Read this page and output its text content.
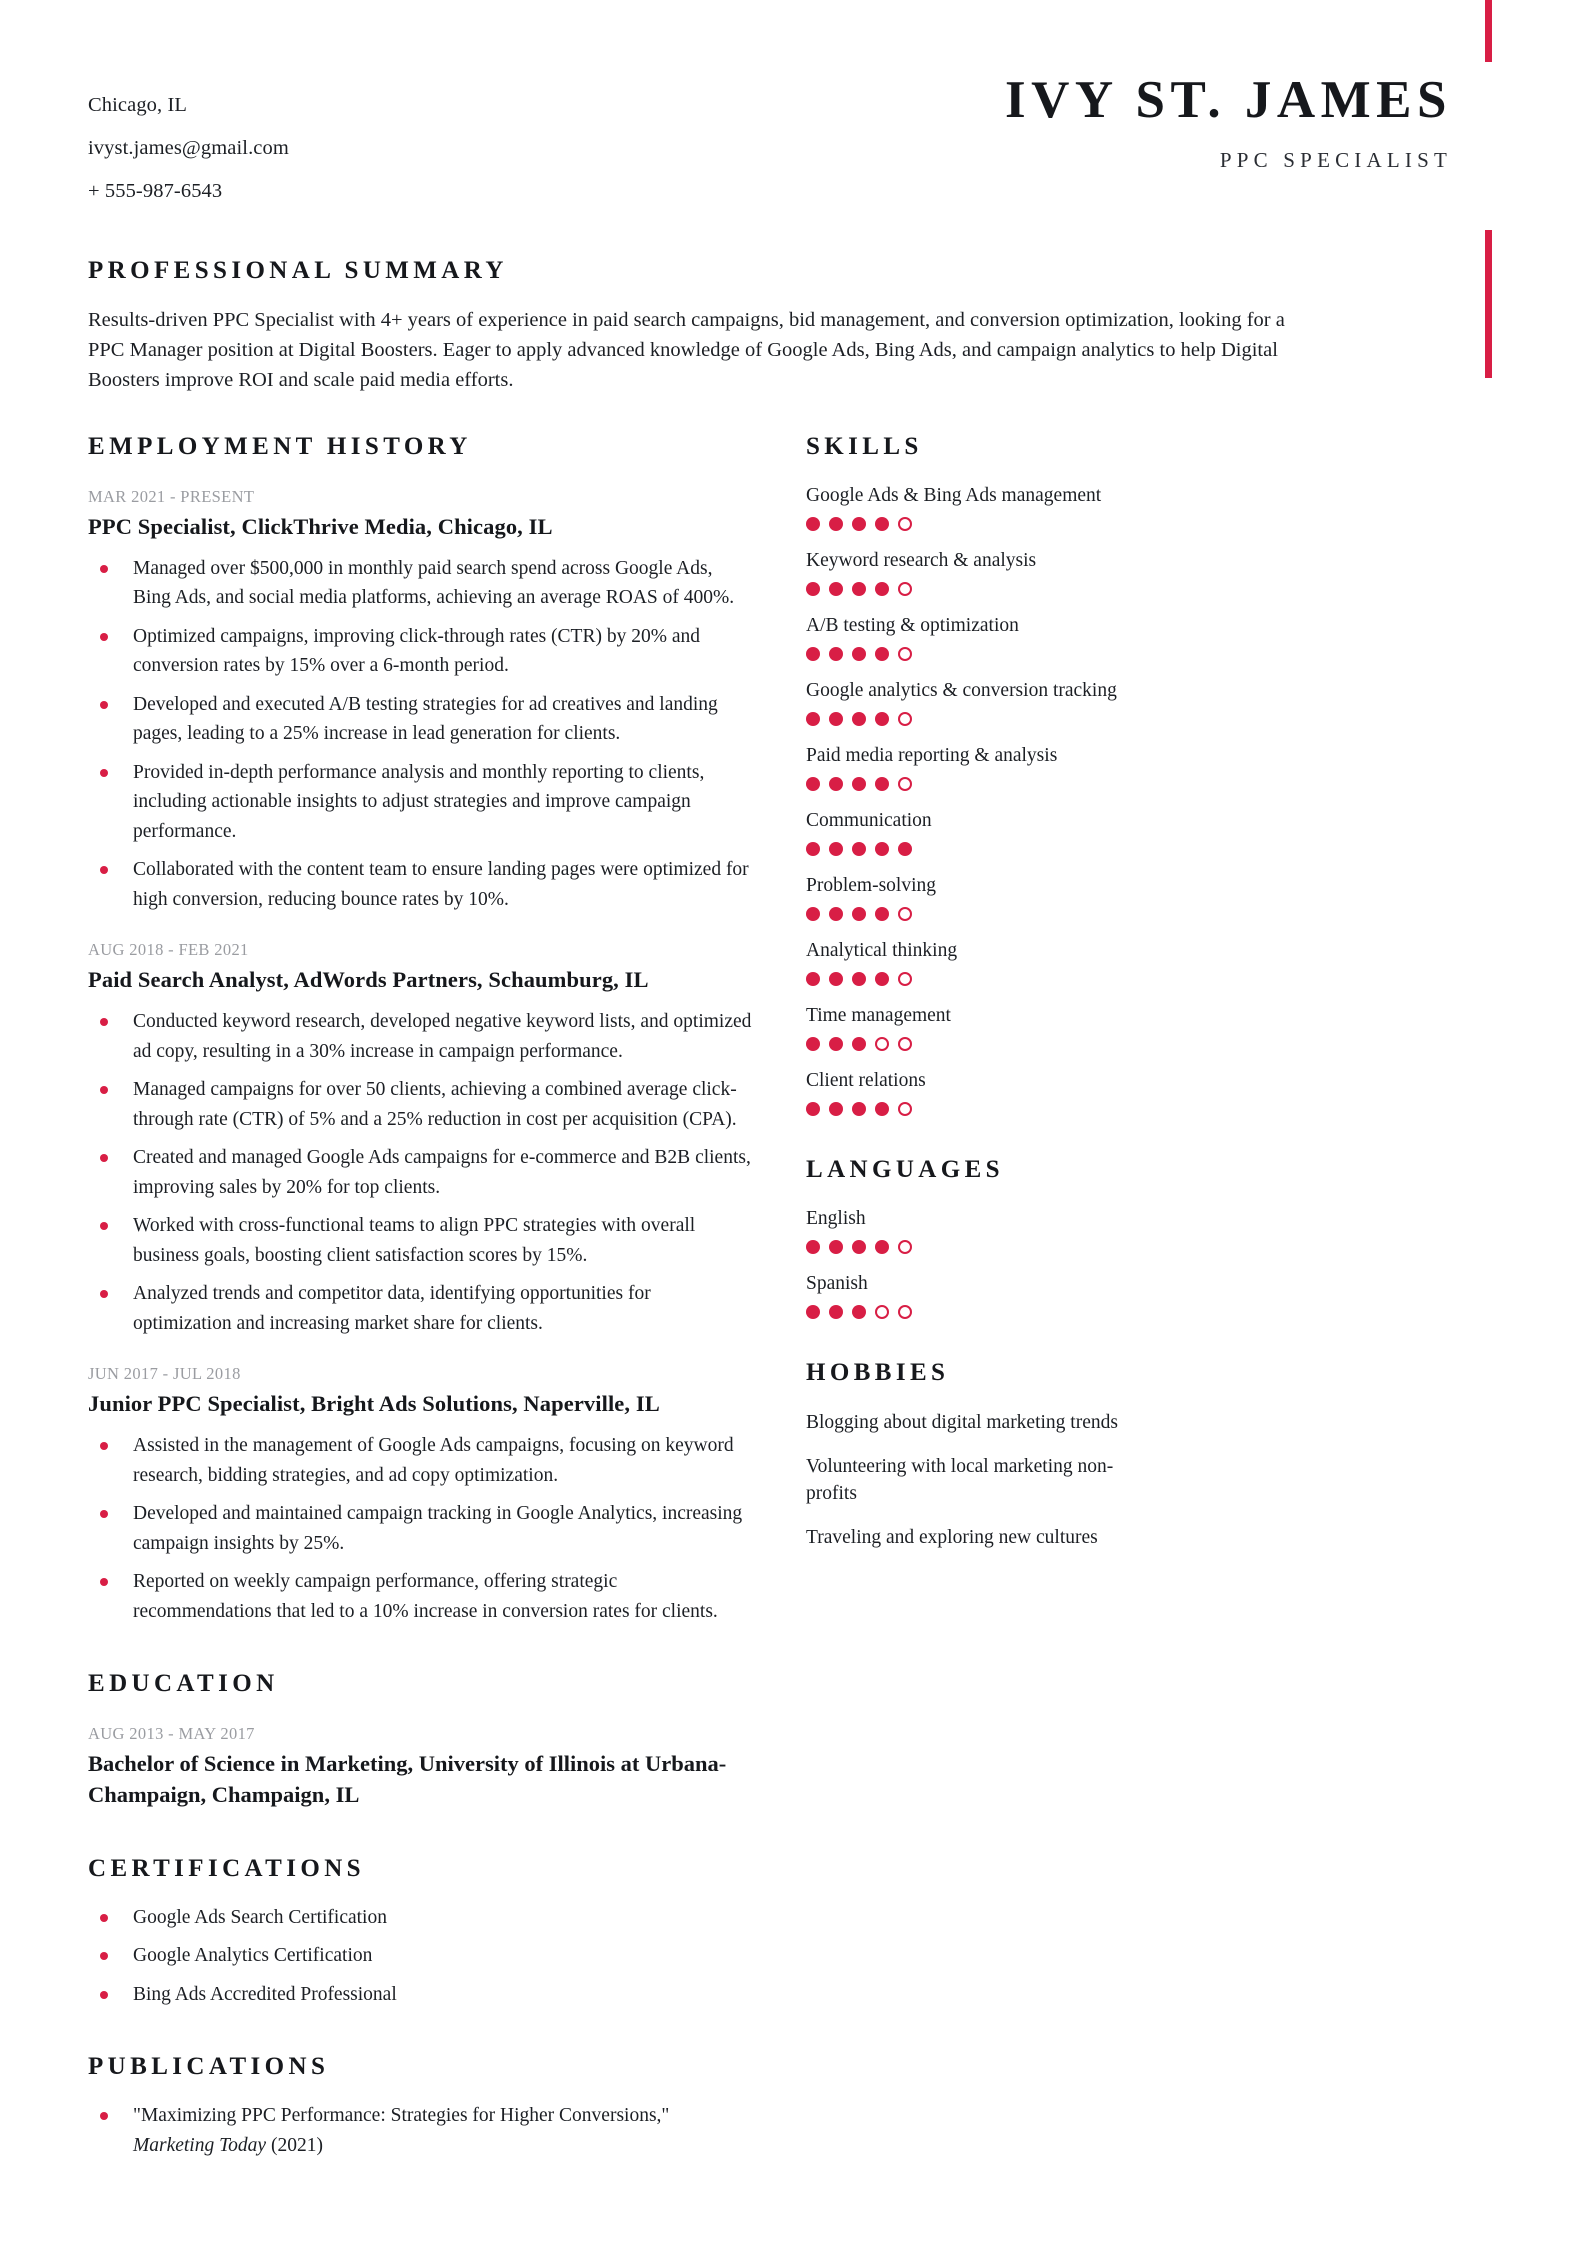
Chicago, IL
ivyst.james@gmail.com
+ 555-987-6543
IVY ST. JAMES
PPC SPECIALIST
PROFESSIONAL SUMMARY
Results-driven PPC Specialist with 4+ years of experience in paid search campaigns, bid management, and conversion optimization, looking for a PPC Manager position at Digital Boosters. Eager to apply advanced knowledge of Google Ads, Bing Ads, and campaign analytics to help Digital Boosters improve ROI and scale paid media efforts.
EMPLOYMENT HISTORY
MAR 2021 - PRESENT
PPC Specialist, ClickThrive Media, Chicago, IL
Managed over $500,000 in monthly paid search spend across Google Ads, Bing Ads, and social media platforms, achieving an average ROAS of 400%.
Optimized campaigns, improving click-through rates (CTR) by 20% and conversion rates by 15% over a 6-month period.
Developed and executed A/B testing strategies for ad creatives and landing pages, leading to a 25% increase in lead generation for clients.
Provided in-depth performance analysis and monthly reporting to clients, including actionable insights to adjust strategies and improve campaign performance.
Collaborated with the content team to ensure landing pages were optimized for high conversion, reducing bounce rates by 10%.
AUG 2018 - FEB 2021
Paid Search Analyst, AdWords Partners, Schaumburg, IL
Conducted keyword research, developed negative keyword lists, and optimized ad copy, resulting in a 30% increase in campaign performance.
Managed campaigns for over 50 clients, achieving a combined average click-through rate (CTR) of 5% and a 25% reduction in cost per acquisition (CPA).
Created and managed Google Ads campaigns for e-commerce and B2B clients, improving sales by 20% for top clients.
Worked with cross-functional teams to align PPC strategies with overall business goals, boosting client satisfaction scores by 15%.
Analyzed trends and competitor data, identifying opportunities for optimization and increasing market share for clients.
JUN 2017 - JUL 2018
Junior PPC Specialist, Bright Ads Solutions, Naperville, IL
Assisted in the management of Google Ads campaigns, focusing on keyword research, bidding strategies, and ad copy optimization.
Developed and maintained campaign tracking in Google Analytics, increasing campaign insights by 25%.
Reported on weekly campaign performance, offering strategic recommendations that led to a 10% increase in conversion rates for clients.
EDUCATION
AUG 2013 - MAY 2017
Bachelor of Science in Marketing, University of Illinois at Urbana-Champaign, Champaign, IL
CERTIFICATIONS
Google Ads Search Certification
Google Analytics Certification
Bing Ads Accredited Professional
PUBLICATIONS
"Maximizing PPC Performance: Strategies for Higher Conversions," Marketing Today (2021)
SKILLS
Google Ads & Bing Ads management
Keyword research & analysis
A/B testing & optimization
Google analytics & conversion tracking
Paid media reporting & analysis
Communication
Problem-solving
Analytical thinking
Time management
Client relations
LANGUAGES
English
Spanish
HOBBIES
Blogging about digital marketing trends
Volunteering with local marketing non-profits
Traveling and exploring new cultures
